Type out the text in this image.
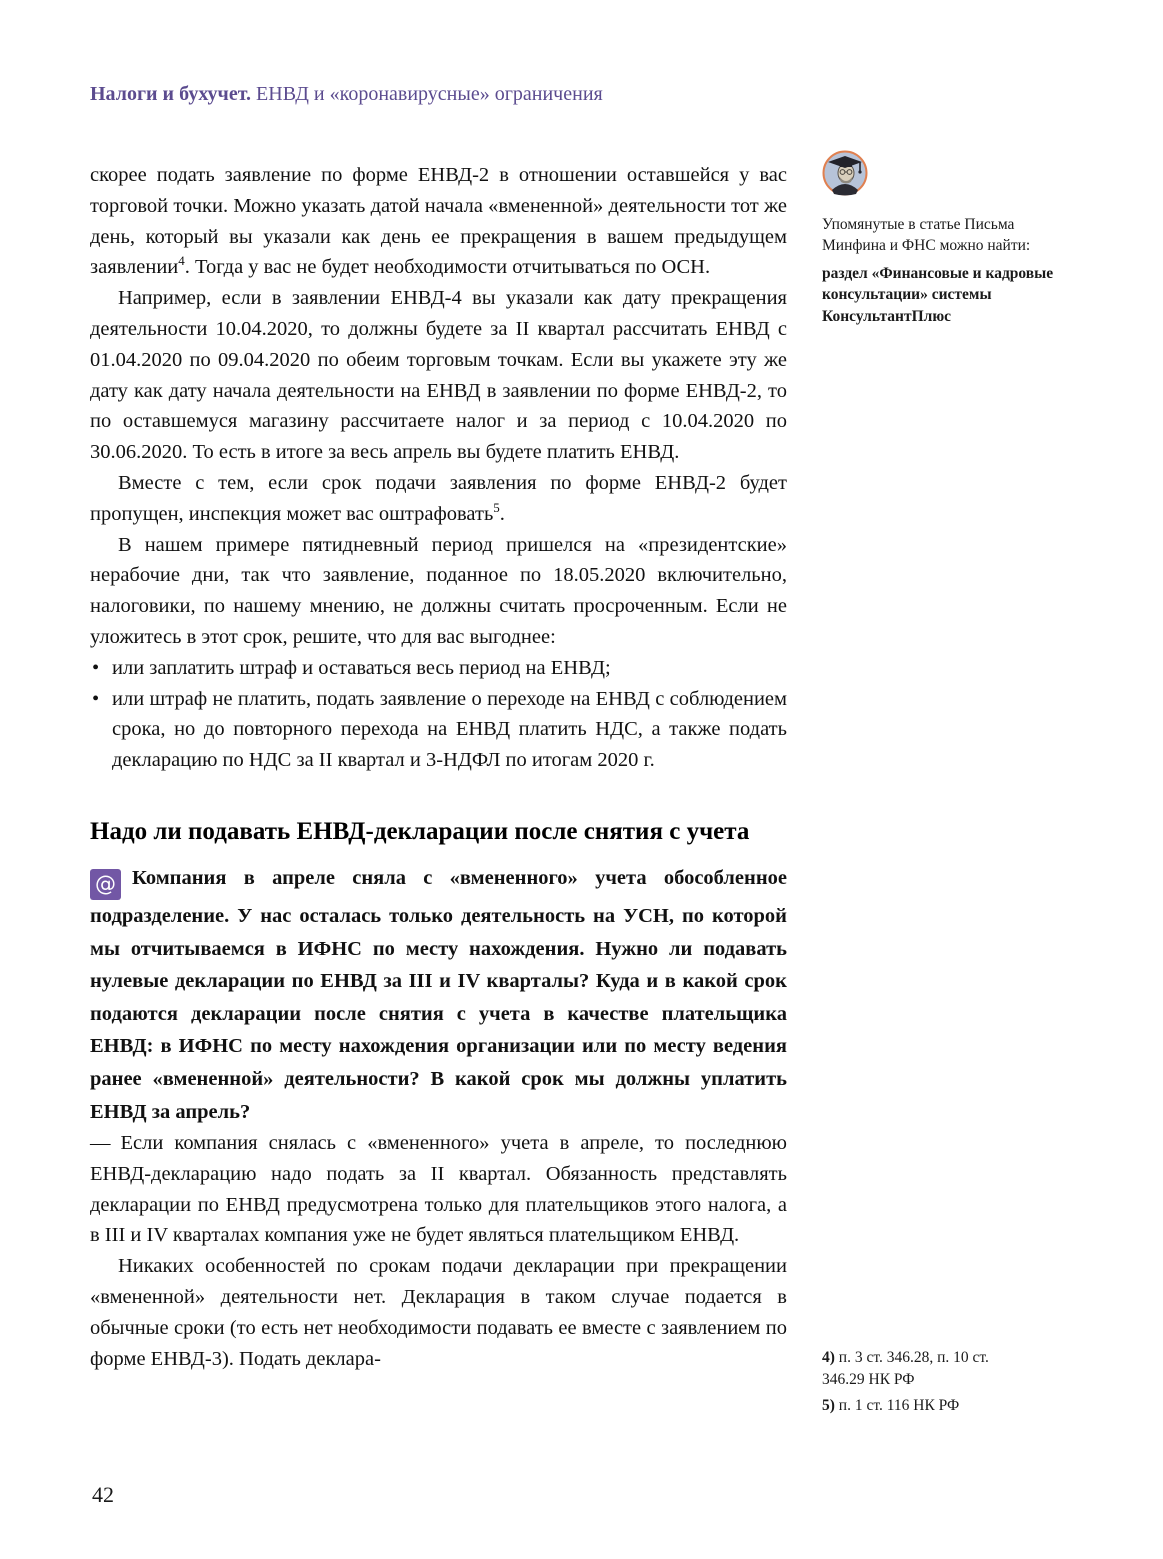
Налоги и бухучет. ЕНВД и «коронавирусные» ограничения

скорее подать заявление по форме ЕНВД-2 в отношении оставшейся у вас торговой точки. Можно указать датой начала «вмененной» деятельности тот же день, который вы указали как день ее прекращения в вашем предыдущем заявлении$^4$. Тогда у вас не будет необходимости отчитываться по ОСН.

Например, если в заявлении ЕНВД-4 вы указали как дату прекращения деятельности 10.04.2020, то должны будете за II квартал рассчитать ЕНВД с 01.04.2020 по 09.04.2020 по обеим торговым точкам. Если вы укажете эту же дату как дату начала деятельности на ЕНВД в заявлении по форме ЕНВД-2, то по оставшемуся магазину рассчитаете налог и за период с 10.04.2020 по 30.06.2020. То есть в итоге за весь апрель вы будете платить ЕНВД.

Вместе с тем, если срок подачи заявления по форме ЕНВД-2 будет пропущен, инспекция может вас оштрафовать$^5$.

В нашем примере пятидневный период пришелся на «президентские» нерабочие дни, так что заявление, поданное по 18.05.2020 включительно, налоговики, по нашему мнению, не должны считать просроченным. Если не уложитесь в этот срок, решите, что для вас выгоднее:

• или заплатить штраф и оставаться весь период на ЕНВД;
• или штраф не платить, подать заявление о переходе на ЕНВД с соблюдением срока, но до повторного перехода на ЕНВД платить НДС, а также подать декларацию по НДС за II квартал и 3-НДФЛ по итогам 2020 г.
Надо ли подавать ЕНВД-декларации после снятия с учета

@ Компания в апреле сняла с «вмененного» учета обособленное подразделение. У нас осталась только деятельность на УСН, по которой мы отчитываемся в ИФНС по месту нахождения. Нужно ли подавать нулевые декларации по ЕНВД за III и IV кварталы? Куда и в какой срок подаются декларации после снятия с учета в качестве плательщика ЕНВД: в ИФНС по месту нахождения организации или по месту ведения ранее «вмененной» деятельности? В какой срок мы должны уплатить ЕНВД за апрель?

— Если компания снялась с «вмененного» учета в апреле, то последнюю ЕНВД-декларацию надо подать за II квартал. Обязанность представлять декларации по ЕНВД предусмотрена только для плательщиков этого налога, а в III и IV кварталах компания уже не будет являться плательщиком ЕНВД.

Никаких особенностей по срокам подачи декларации при прекращении «вмененной» деятельности нет. Декларация в таком случае подается в обычные сроки (то есть нет необходимости подавать ее вместе с заявлением по форме ЕНВД-3). Подать деклара-

Упомянутые в статье Письма Минфина и ФНС можно найти:

раздел «Финансовые и кадровые консультации» системы КонсультантПлюс

4) п. 3 ст. 346.28, п. 10 ст. 346.29 НК РФ

5) п. 1 ст. 116 НК РФ

42
